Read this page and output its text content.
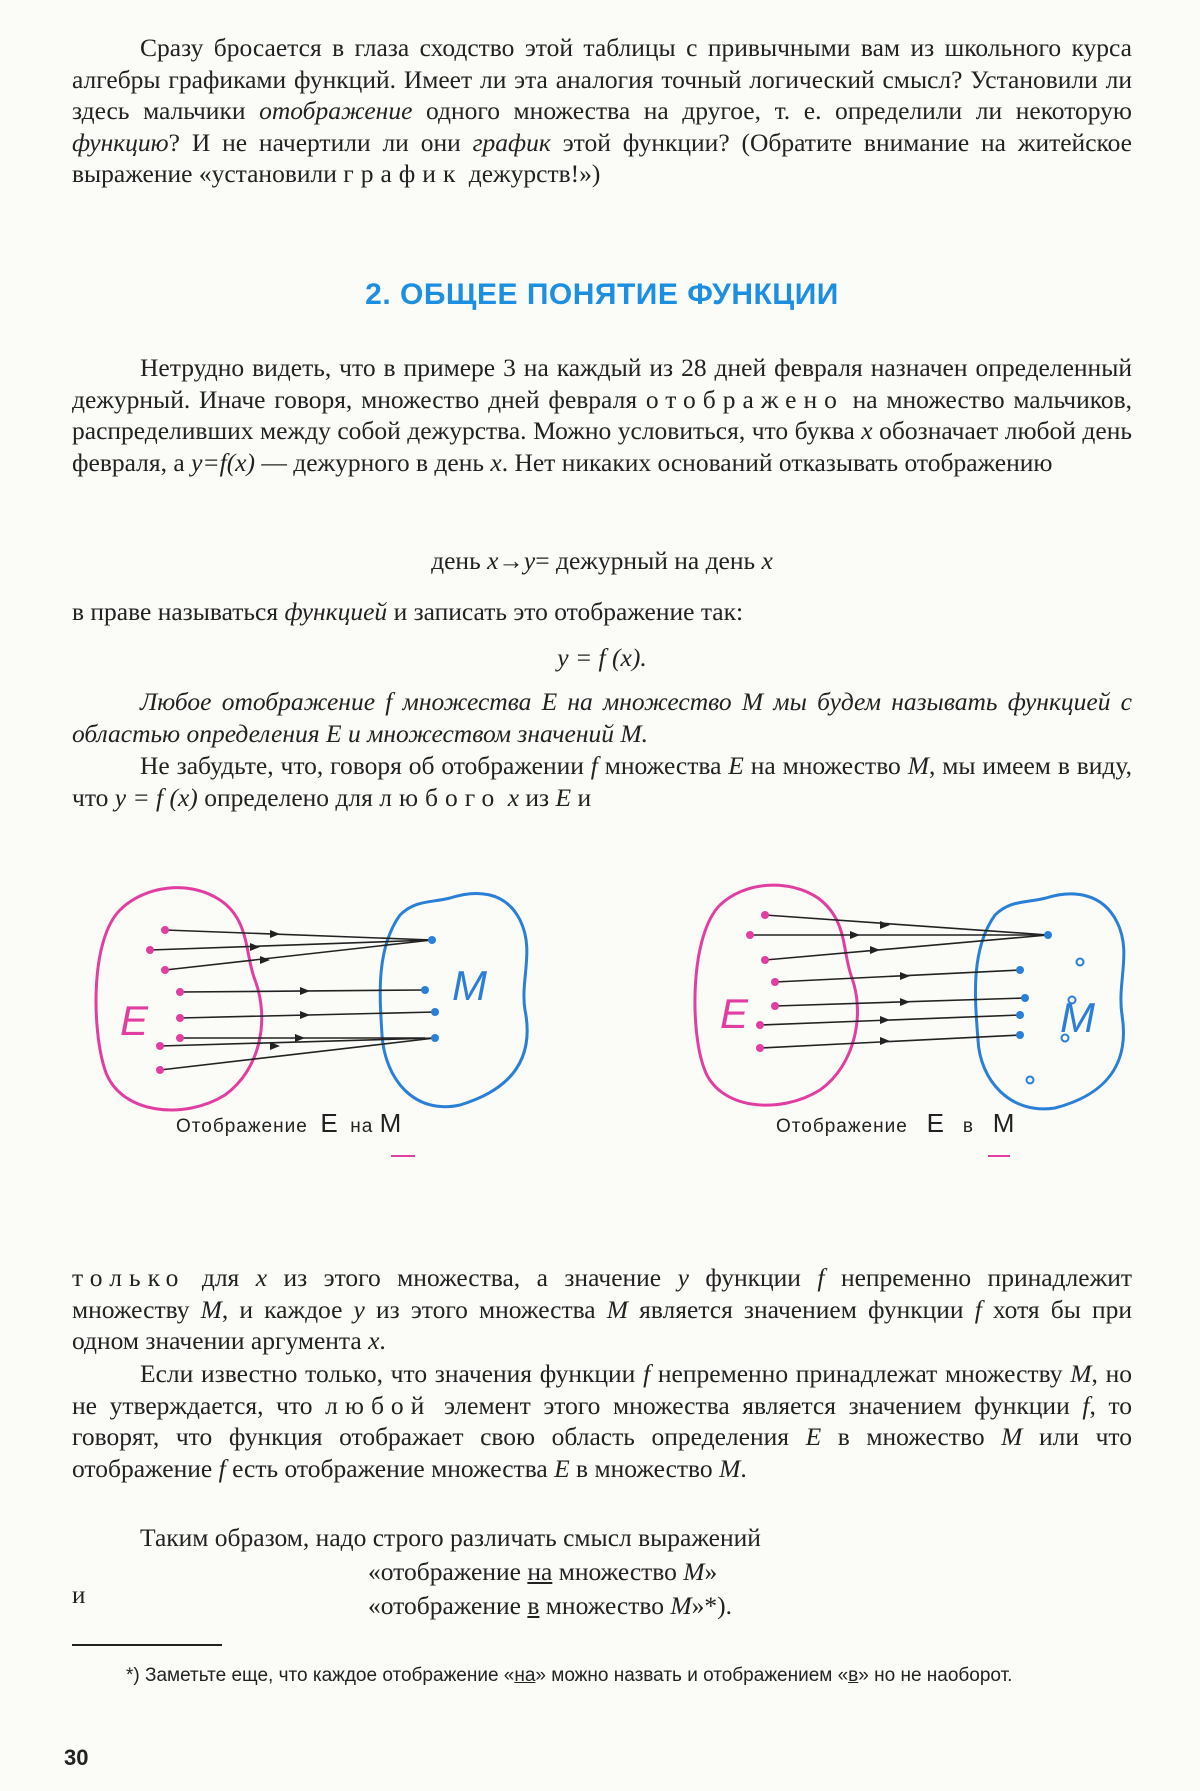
Сразу бросается в глаза сходство этой таблицы с привычными вам из школьного курса алгебры графиками функций. Имеет ли эта аналогия точный логический смысл? Установили ли здесь мальчики отображение одного множества на другое, т. е. определили ли некоторую функцию? И не начертили ли они график этой функции? (Обратите внимание на житейское выражение «установили график дежурств!»)

2. ОБЩЕЕ ПОНЯТИЕ ФУНКЦИИ

Нетрудно видеть, что в примере 3 на каждый из 28 дней февраля назначен определенный дежурный. Иначе говоря, множество дней февраля отображено на множество мальчиков, распределивших между собой дежурства. Можно условиться, что буква x обозначает любой день февраля, а y=f(x) — дежурного в день x. Нет никаких оснований отказывать отображению

день x→y= дежурный на день x

в праве называться функцией и записать это отображение так:

y = f (x).

Любое отображение f множества E на множество M мы будем называть функцией с областью определения E и множеством значений M.

Не забудьте, что, говоря об отображении f множества E на множество M, мы имеем в виду, что y = f (x) определено для любого x из E и

E
M
Отображение E на M
E	M
Отображение E в M

только для x из этого множества, а значение y функции f непременно принадлежит множеству M, и каждое y из этого множества M является значением функции f хотя бы при одном значении аргумента x.

Если известно только, что значения функции f непременно принадлежат множеству M, но не утверждается, что любой элемент этого множества является значением функции f, то говорят, что функция отображает свою область определения E в множество M или что отображение f есть отображение множества E в множество M.

Таким образом, надо строго различать смысл выражений

«отображение на множество M»

и	«отображение в множество M»*).

*) Заметьте еще, что каждое отображение «на» можно назвать и отображением «в» но не наоборот.

30
